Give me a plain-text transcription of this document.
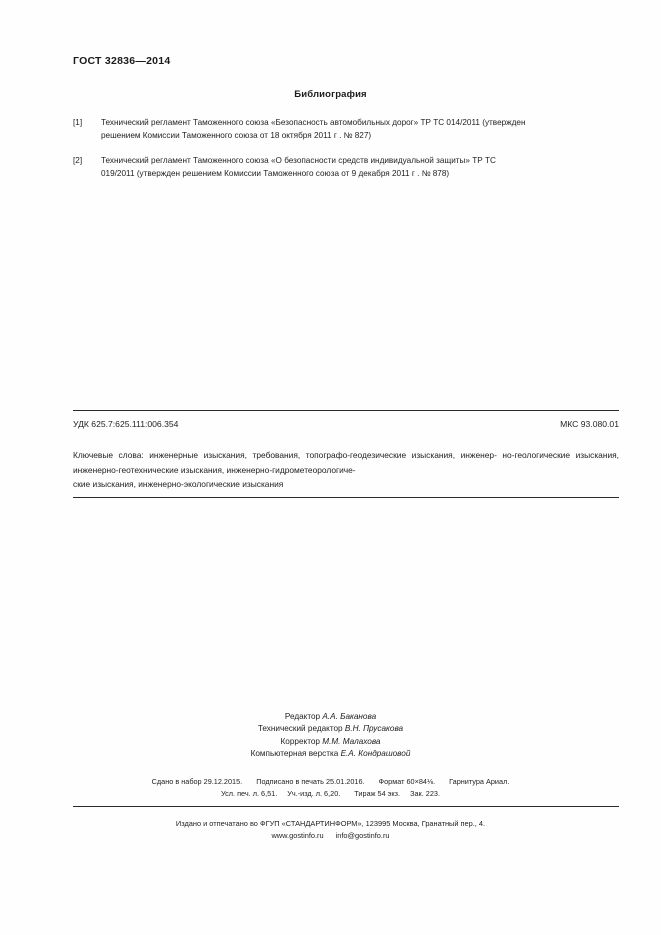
ГОСТ 32836—2014
Библиография
[1]	Технический регламент Таможенного союза «Безопасность автомобильных дорог» ТР ТС 014/2011 (утвержден
решением Комиссии Таможенного союза от 18 октября 2011 г . № 827)
[2]	Технический регламент Таможенного союза «О безопасности средств индивидуальной защиты» ТР ТС
019/2011 (утвержден решением Комиссии Таможенного союза от 9 декабря 2011 г . № 878)
УДК 625.7:625.111:006.354	МКС 93.080.01
Ключевые слова: инженерные изыскания, требования, топографо-геодезические изыскания, инженер- но-геологические изыскания, инженерно-геотехнические изыскания, инженерно-гидрометеорологиче-
ские изыскания, инженерно-экологические изыскания
Редактор А.А. Баканова
Технический редактор В.Н. Прусакова
Корректор М.М. Малахова
Компьютерная верстка Е.А. Кондрашовой
Сдано в набор 29.12.2015. Подписано в печать 25.01.2016. Формат 60×84⅛. Гарнитура Ариал.
Усл. печ. л. 6,51. Уч.-изд. л. 6,20. Тираж 54 экз. Зак. 223.
Издано и отпечатано во ФГУП «СТАНДАРТИНФОРМ», 123995 Москва, Гранатный пер., 4.
www.gostinfo.ru info@gostinfo.ru
